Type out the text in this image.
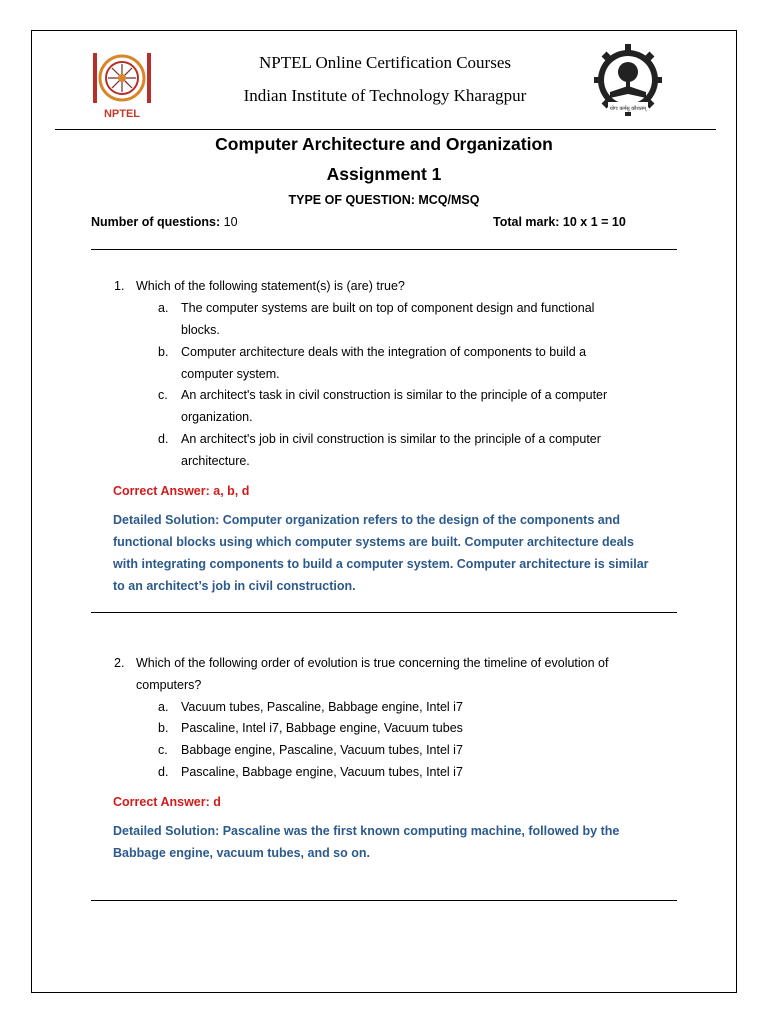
NPTEL	योगः कर्मसु कौशलम्
NPTEL Online Certification Courses
Indian Institute of Technology Kharagpur
Computer Architecture and Organization
Assignment 1
TYPE OF QUESTION: MCQ/MSQ
Number of questions: 10	Total mark: 10 x 1 = 10
1. Which of the following statement(s) is (are) true?
a. The computer systems are built on top of component design and functional
blocks.
b. Computer architecture deals with the integration of components to build a
computer system.
c. An architect's task in civil construction is similar to the principle of a computer
organization.
d. An architect's job in civil construction is similar to the principle of a computer
architecture.
Correct Answer: a, b, d
Detailed Solution: Computer organization refers to the design of the components and
functional blocks using which computer systems are built. Computer architecture deals
with integrating components to build a computer system. Computer architecture is similar
to an architect’s job in civil construction.
2. Which of the following order of evolution is true concerning the timeline of evolution of
computers?
a. Vacuum tubes, Pascaline, Babbage engine, Intel i7
b. Pascaline, Intel i7, Babbage engine, Vacuum tubes
c. Babbage engine, Pascaline, Vacuum tubes, Intel i7
d. Pascaline, Babbage engine, Vacuum tubes, Intel i7
Correct Answer: d
Detailed Solution: Pascaline was the first known computing machine, followed by the
Babbage engine, vacuum tubes, and so on.
